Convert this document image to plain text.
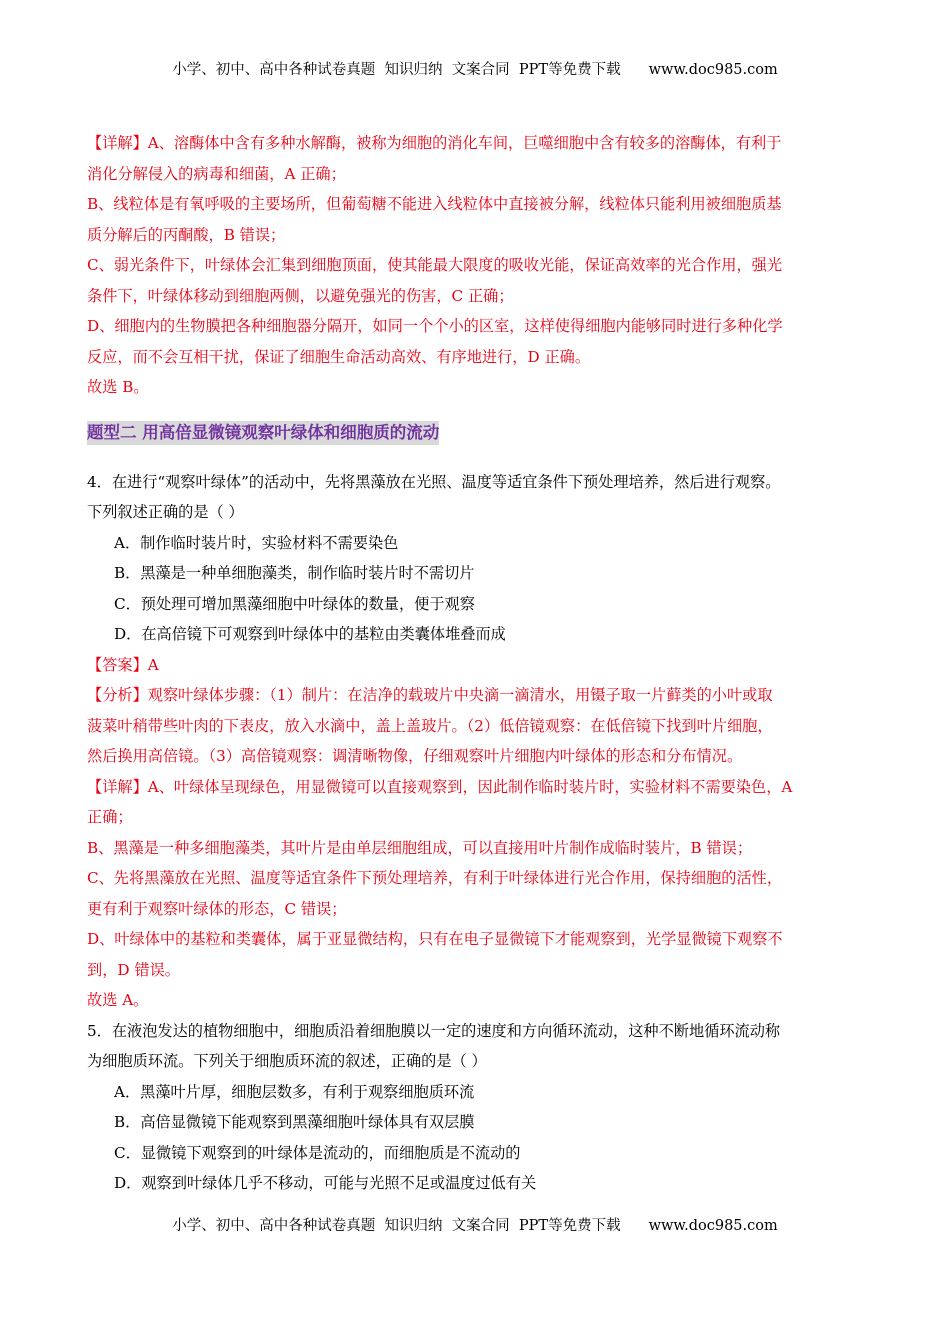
小学、初中、高中各种试卷真题  知识归纳  文案合同  PPT等免费下载 www.doc985.com
【详解】A、溶酶体中含有多种水解酶，被称为细胞的消化车间，巨噬细胞中含有较多的溶酶体，有利于
消化分解侵入的病毒和细菌，A 正确；
B、线粒体是有氧呼吸的主要场所，但葡萄糖不能进入线粒体中直接被分解，线粒体只能利用被细胞质基
质分解后的丙酮酸，B 错误；
C、弱光条件下，叶绿体会汇集到细胞顶面，使其能最大限度的吸收光能，保证高效率的光合作用，强光
条件下，叶绿体移动到细胞两侧，以避免强光的伤害，C 正确；
D、细胞内的生物膜把各种细胞器分隔开，如同一个个小的区室，这样使得细胞内能够同时进行多种化学
反应，而不会互相干扰，保证了细胞生命活动高效、有序地进行，D 正确。
故选 B。
题型二 用高倍显微镜观察叶绿体和细胞质的流动
4．在进行“观察叶绿体”的活动中，先将黑藻放在光照、温度等适宜条件下预处理培养，然后进行观察。
下列叙述正确的是（ ）
A．制作临时装片时，实验材料不需要染色
B．黑藻是一种单细胞藻类，制作临时装片时不需切片
C．预处理可增加黑藻细胞中叶绿体的数量，便于观察
D．在高倍镜下可观察到叶绿体中的基粒由类囊体堆叠而成
【答案】A
【分析】观察叶绿体步骤：（1）制片：在洁净的载玻片中央滴一滴清水，用镊子取一片藓类的小叶或取
菠菜叶稍带些叶肉的下表皮，放入水滴中，盖上盖玻片。（2）低倍镜观察：在低倍镜下找到叶片细胞，
然后换用高倍镜。（3）高倍镜观察：调清晰物像，仔细观察叶片细胞内叶绿体的形态和分布情况。
【详解】A、叶绿体呈现绿色，用显微镜可以直接观察到，因此制作临时装片时，实验材料不需要染色，A
正确；
B、黑藻是一种多细胞藻类，其叶片是由单层细胞组成，可以直接用叶片制作成临时装片，B 错误；
C、先将黑藻放在光照、温度等适宜条件下预处理培养，有利于叶绿体进行光合作用，保持细胞的活性，
更有利于观察叶绿体的形态，C 错误；
D、叶绿体中的基粒和类囊体，属于亚显微结构，只有在电子显微镜下才能观察到，光学显微镜下观察不
到，D 错误。
故选 A。
5．在液泡发达的植物细胞中，细胞质沿着细胞膜以一定的速度和方向循环流动，这种不断地循环流动称
为细胞质环流。下列关于细胞质环流的叙述，正确的是（ ）
A．黑藻叶片厚，细胞层数多，有利于观察细胞质环流
B．高倍显微镜下能观察到黑藻细胞叶绿体具有双层膜
C．显微镜下观察到的叶绿体是流动的，而细胞质是不流动的
D．观察到叶绿体几乎不移动，可能与光照不足或温度过低有关
小学、初中、高中各种试卷真题  知识归纳  文案合同  PPT等免费下载 www.doc985.com
